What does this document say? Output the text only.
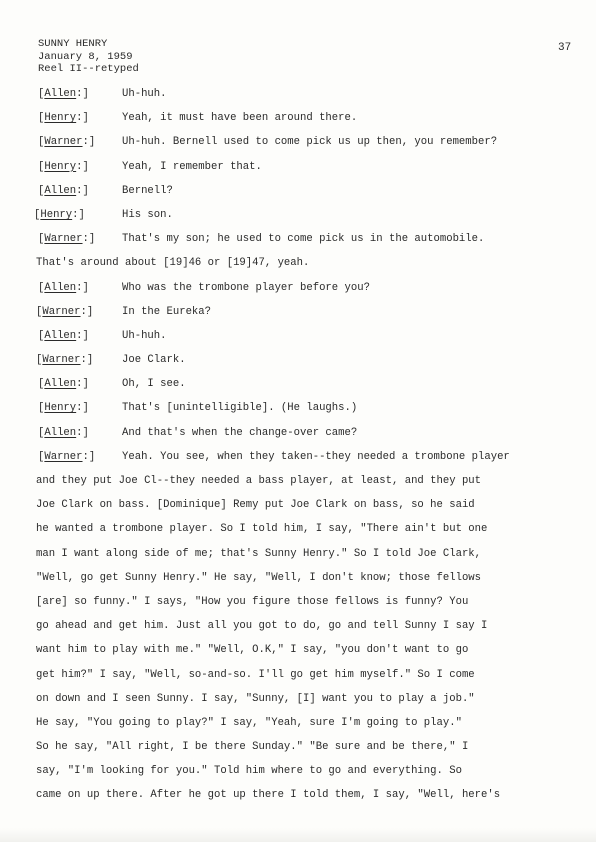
SUNNY HENRY
January 8, 1959
Reel II--retyped
37
[Allen:]	Uh-huh.
[Henry:]	Yeah, it must have been around there.
[Warner:]	Uh-huh. Bernell used to come pick us up then, you remember?
[Henry:]	Yeah, I remember that.
[Allen:]	Bernell?
[Henry:]	His son.
[Warner:]	That's my son; he used to come pick us in the automobile.
That's around about [19]46 or [19]47, yeah.
[Allen:]	Who was the trombone player before you?
[Warner:]	In the Eureka?
[Allen:]	Uh-huh.
[Warner:]	Joe Clark.
[Allen:]	Oh, I see.
[Henry:]	That's [unintelligible]. (He laughs.)
[Allen:]	And that's when the change-over came?
[Warner:]	Yeah. You see, when they taken--they needed a trombone player
and they put Joe Cl--they needed a bass player, at least, and they put
Joe Clark on bass. [Dominique] Remy put Joe Clark on bass, so he said
he wanted a trombone player. So I told him, I say, "There ain't but one
man I want along side of me; that's Sunny Henry." So I told Joe Clark,
"Well, go get Sunny Henry." He say, "Well, I don't know; those fellows
[are] so funny." I says, "How you figure those fellows is funny? You
go ahead and get him. Just all you got to do, go and tell Sunny I say I
want him to play with me." "Well, O.K," I say, "you don't want to go
get him?" I say, "Well, so-and-so. I'll go get him myself." So I come
on down and I seen Sunny. I say, "Sunny, [I] want you to play a job."
He say, "You going to play?" I say, "Yeah, sure I'm going to play."
So he say, "All right, I be there Sunday." "Be sure and be there," I
say, "I'm looking for you." Told him where to go and everything. So
came on up there. After he got up there I told them, I say, "Well, here's
